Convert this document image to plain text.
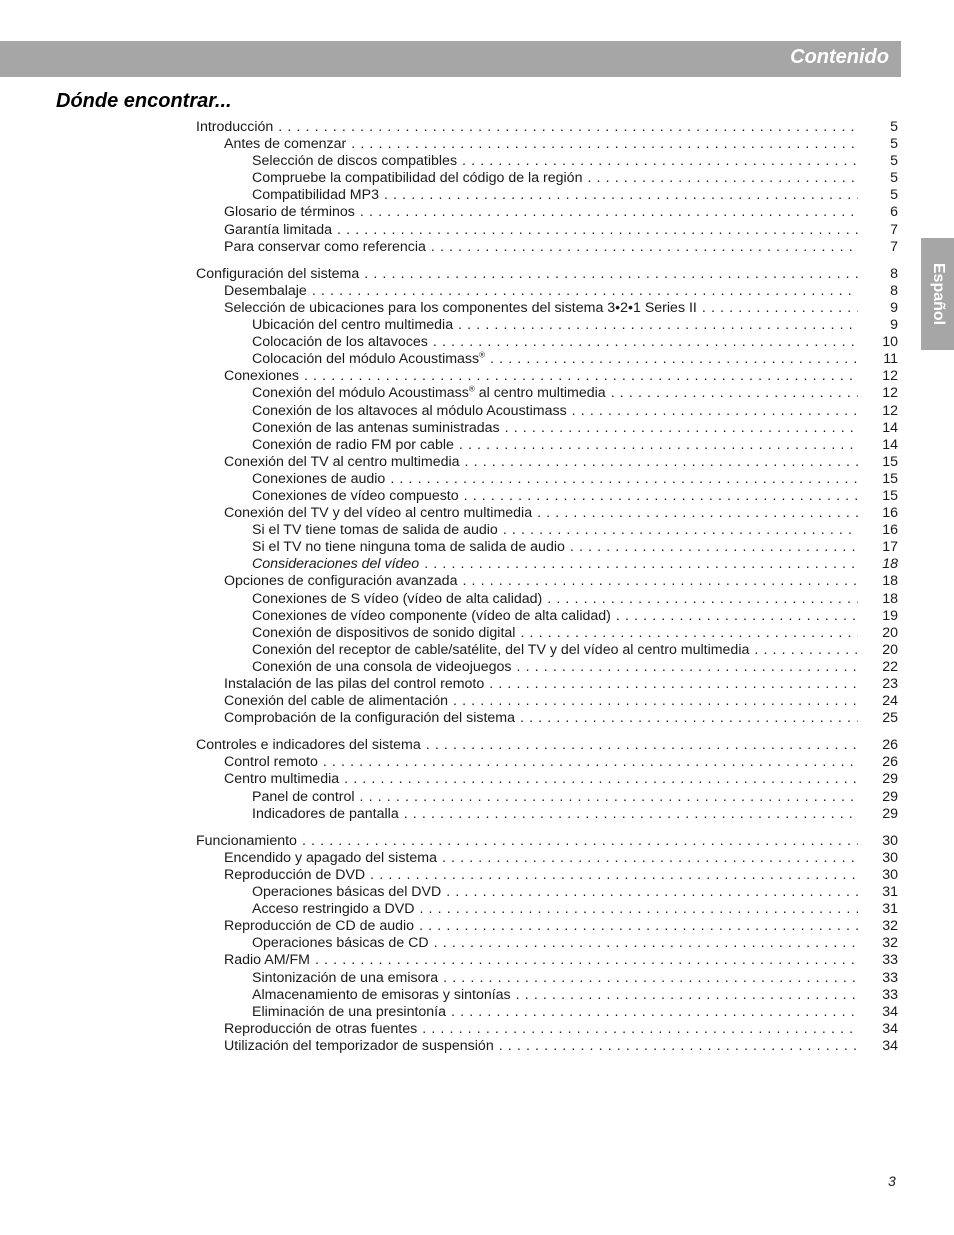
Contenido
Dónde encontrar...
Español
Introducción . . .	5
Antes de comenzar . . .	5
Selección de discos compatibles . . .	5
Compruebe la compatibilidad del código de la región . . .	5
Compatibilidad MP3 . . .	5
Glosario de términos . . .	6
Garantía limitada . . .	7
Para conservar como referencia . . .	7
Configuración del sistema . . .	8
Desembalaje . . .	8
Selección de ubicaciones para los componentes del sistema 3•2•1 Series II . . .	9
Ubicación del centro multimedia . . .	9
Colocación de los altavoces . . .	10
Colocación del módulo Acoustimass® . . .	11
Conexiones . . .	12
Conexión del módulo Acoustimass® al centro multimedia . . .	12
Conexión de los altavoces al módulo Acoustimass . . .	12
Conexión de las antenas suministradas . . .	14
Conexión de radio FM por cable . . .	14
Conexión del TV al centro multimedia . . .	15
Conexiones de audio . . .	15
Conexiones de vídeo compuesto . . .	15
Conexión del TV y del vídeo al centro multimedia . . .	16
Si el TV tiene tomas de salida de audio . . .	16
Si el TV no tiene ninguna toma de salida de audio . . .	17
Consideraciones del vídeo . . .	18
Opciones de configuración avanzada . . .	18
Conexiones de S vídeo (vídeo de alta calidad) . . .	18
Conexiones de vídeo componente (vídeo de alta calidad) . . .	19
Conexión de dispositivos de sonido digital . . .	20
Conexión del receptor de cable/satélite, del TV y del vídeo al centro multimedia . . .	20
Conexión de una consola de videojuegos . . .	22
Instalación de las pilas del control remoto . . .	23
Conexión del cable de alimentación . . .	24
Comprobación de la configuración del sistema . . .	25
Controles e indicadores del sistema . . .	26
Control remoto . . .	26
Centro multimedia . . .	29
Panel de control . . .	29
Indicadores de pantalla . . .	29
Funcionamiento . . .	30
Encendido y apagado del sistema . . .	30
Reproducción de DVD . . .	30
Operaciones básicas del DVD . . .	31
Acceso restringido a DVD . . .	31
Reproducción de CD de audio . . .	32
Operaciones básicas de CD . . .	32
Radio AM/FM . . .	33
Sintonización de una emisora . . .	33
Almacenamiento de emisoras y sintonías . . .	33
Eliminación de una presintonía . . .	34
Reproducción de otras fuentes . . .	34
Utilización del temporizador de suspensión . . .	34
3
